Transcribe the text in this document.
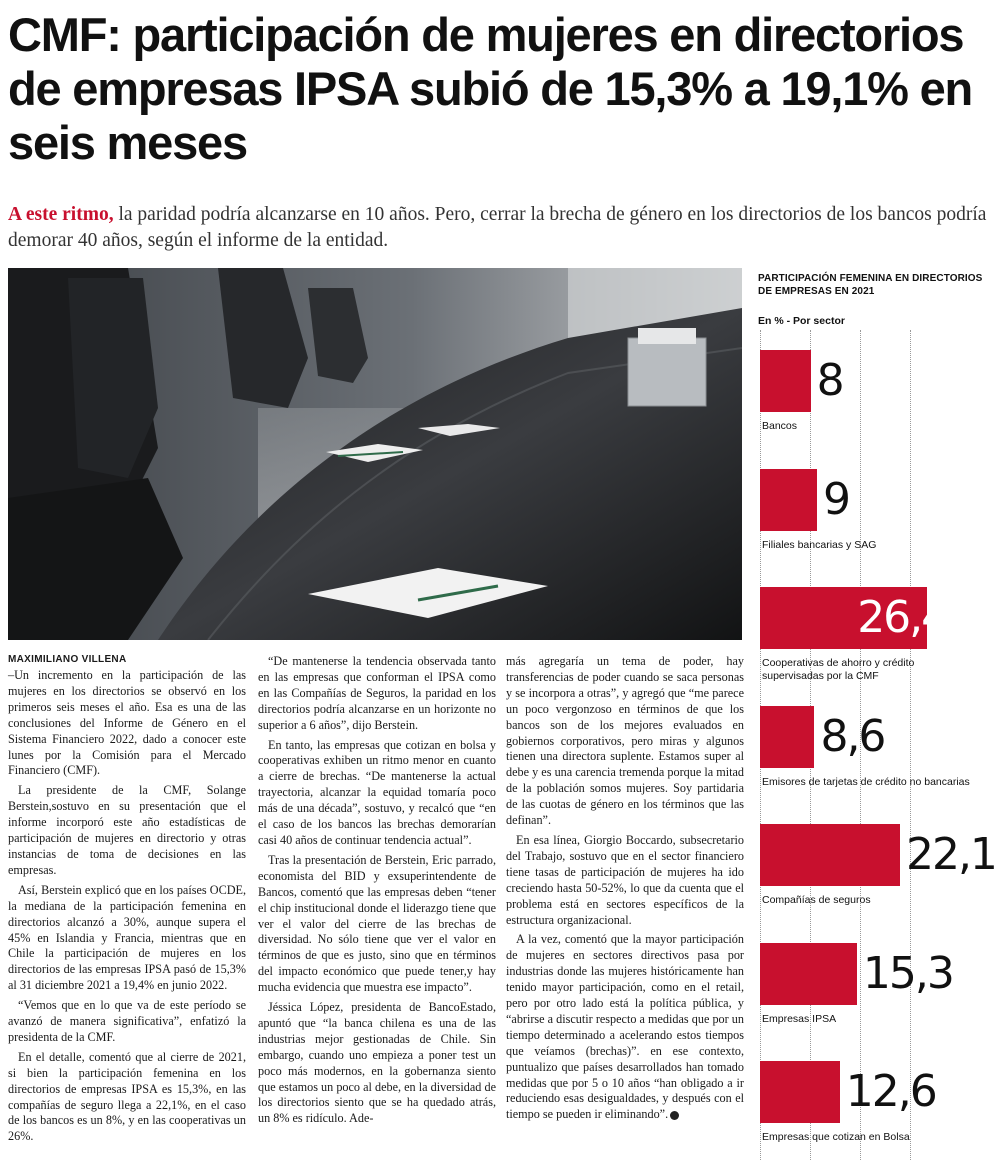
CMF: participación de mujeres en directorios de empresas IPSA subió de 15,3% a 19,1% en seis meses

A este ritmo, la paridad podría alcanzarse en 10 años. Pero, cerrar la brecha de género en los directorios de los bancos podría demorar 40 años, según el informe de la entidad.

MAXIMILIANO VILLENA

–Un incremento en la participación de las mujeres en los directorios se observó en los primeros seis meses el año. Esa es una de las conclusiones del Informe de Género en el Sistema Financiero 2022, dado a conocer este lunes por la Comisión para el Mercado Financiero (CMF).

La presidente de la CMF, Solange Berstein,sostuvo en su presentación que el informe incorporó este año estadísticas de participación de mujeres en directorio y otras instancias de toma de decisiones en las empresas.

Así, Berstein explicó que en los países OCDE, la mediana de la participación femenina en directorios alcanzó a 30%, aunque supera el 45% en Islandia y Francia, mientras que en Chile la participación de mujeres en los directorios de las empresas IPSA pasó de 15,3% al 31 diciembre 2021 a 19,4% en junio 2022.

“Vemos que en lo que va de este período se avanzó de manera significativa”, enfatizó la presidenta de la CMF.

En el detalle, comentó que al cierre de 2021, si bien la participación femenina en los directorios de empresas IPSA es 15,3%, en las compañías de seguro llega a 22,1%, en el caso de los bancos es un 8%, y en las cooperativas un 26%.

“De mantenerse la tendencia observada tanto en las empresas que conforman el IPSA como en las Compañías de Seguros, la paridad en los directorios podría alcanzarse en un horizonte no superior a 6 años”, dijo Berstein.

En tanto, las empresas que cotizan en bolsa y cooperativas exhiben un ritmo menor en cuanto a cierre de brechas. “De mantenerse la actual trayectoria, alcanzar la equidad tomaría poco más de una década”, sostuvo, y recalcó que “en el caso de los bancos las brechas demorarían casi 40 años de continuar tendencia actual”.

Tras la presentación de Berstein, Eric parrado, economista del BID y exsuperintendente de Bancos, comentó que las empresas deben “tener el chip institucional donde el liderazgo tiene que ver el valor del cierre de las brechas de diversidad. No sólo tiene que ver el valor en términos de que es justo, sino que en términos del impacto económico que puede tener,y hay mucha evidencia que muestra ese impacto”.

Jéssica López, presidenta de BancoEstado, apuntó que “la banca chilena es una de las industrias mejor gestionadas de Chile. Sin embargo, cuando uno empieza a poner test un poco más modernos, en la gobernanza siento que estamos un poco al debe, en la diversidad de los directorios siento que se ha quedado atrás, un 8% es ridículo. Ade-

más agregaría un tema de poder, hay transferencias de poder cuando se saca personas y se incorpora a otras”, y agregó que “me parece un poco vergonzoso en términos de que los bancos son de los mejores evaluados en gobiernos corporativos, pero miras y algunos tienen una directora suplente. Estamos super al debe y es una carencia tremenda porque la mitad de la población somos mujeres. Soy partidaria de las cuotas de género en los términos que las definan”.

En esa línea, Giorgio Boccardo, subsecretario del Trabajo, sostuvo que en el sector financiero tiene tasas de participación de mujeres ha ido creciendo hasta 50-52%, lo que da cuenta que el problema está en sectores específicos de la estructura organizacional.

A la vez, comentó que la mayor participación de mujeres en sectores directivos pasa por industrias donde las mujeres históricamente han tenido mayor participación, como en el retail, pero por otro lado está la política pública, y “abrirse a discutir respecto a medidas que por un tiempo determinado a acelerando estos tiempos que veíamos (brechas)”. en ese contexto, puntualizo que países desarrollados han tomado medidas que por 5 o 10 años “han obligado a ir reduciendo esas desigualdades, y después con el tiempo se pueden ir eliminando”.

PARTICIPACIÓN FEMENINA EN DIRECTORIOS DE EMPRESAS EN 2021
En % - Por sector
8
Bancos
9
Filiales bancarias y SAG
26,4
Cooperativas de ahorro y crédito supervisadas por la CMF
8,6
Emisores de tarjetas de crédito no bancarias
22,1
Compañías de seguros
15,3
Empresas IPSA
12,6
Empresas que cotizan en Bolsa
